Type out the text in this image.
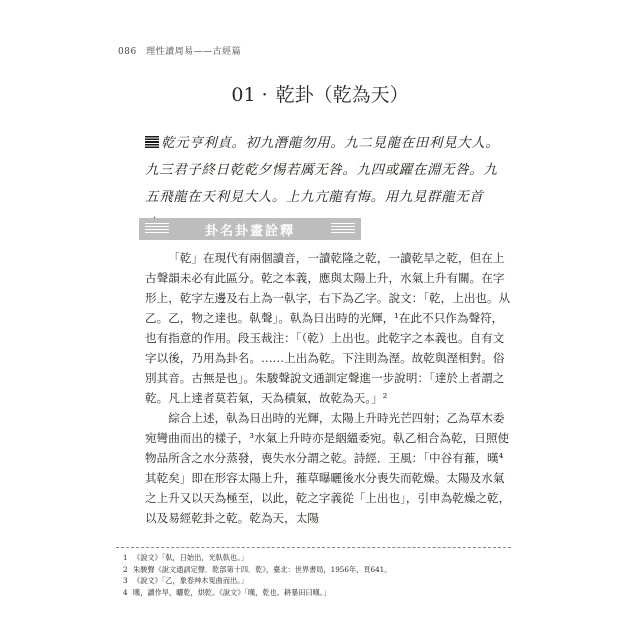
086 理性讀周易——古經篇
01 · 乾卦（乾為天）
乾元亨利貞。初九潛龍勿用。九二見龍在田利見大人。九三君子終日乾乾夕惕若厲无咎。九四或躍在淵无咎。九五飛龍在天利見大人。上九亢龍有悔。用九見群龍无首
卦名卦畫詮釋

「乾」在現代有兩個讀音，一讀乾隆之乾，一讀乾旱之乾，但在上古聲韻未必有此區分。乾之本義，應與太陽上升，水氣上升有關。在字形上，乾字左邊及右上為一倝字，右下為乙字。說文：「乾，上出也。从乙。乙，物之達也。倝聲」。倝為日出時的光輝，¹在此不只作為聲符，也有指意的作用。段玉裁注：「（乾）上出也。此乾字之本義也。自有文字以後，乃用為卦名。……上出為乾。下注則為溼。故乾與溼相對。俗別其音。古無是也」。朱駿聲說文通訓定聲進一步說明：「達於上者謂之乾。凡上達者莫若氣，天為積氣，故乾為天。」²

綜合上述，倝為日出時的光輝，太陽上升時光芒四射；乙為草木委宛彎曲而出的樣子，³水氣上升時亦是絪縕委宛。倝乙相合為乾，日照使物品所含之水分蒸發，喪失水分謂之乾。詩經．王風：「中谷有蓷，暵⁴其乾矣」即在形容太陽上升，蓷草曝曬後水分喪失而乾燥。太陽及水氣之上升又以天為極至，以此，乾之字義從「上出也」，引申為乾燥之乾，以及易經乾卦之乾。乾為天，太陽

1 《說文》「倝，日始出，光倝倝也。」
2 朱駿聲《說文通訓定聲．乾部第十四．乾》，臺北：世界書局，1956年，頁641。
3 《說文》「乙，象春艸木冤曲而出。」
4 暵，讀作旱，曬乾，烘乾。《說文》「暵，乾也。耕暴田曰暵。」
